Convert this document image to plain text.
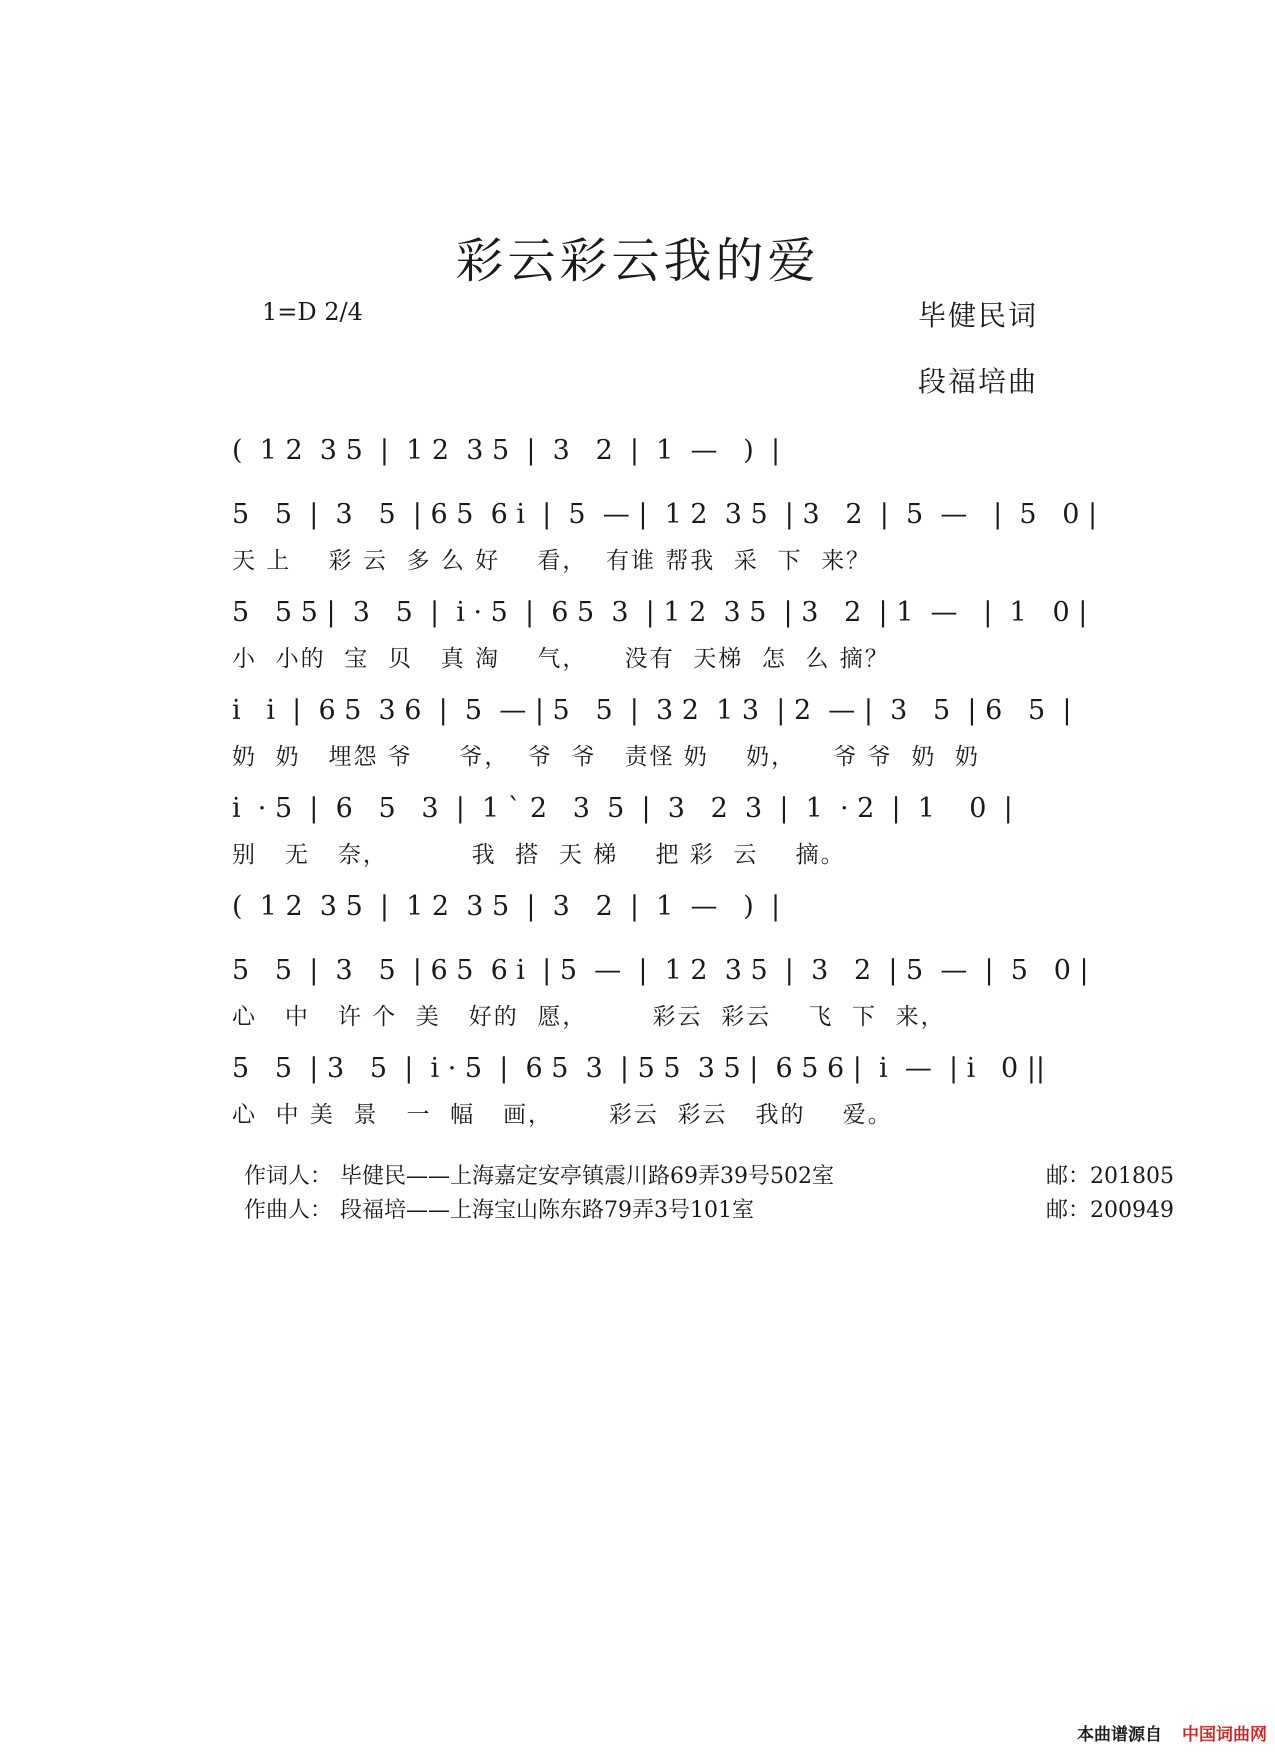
彩云彩云我的爱
1=D 2/4	毕健民词
段福培曲
(  1 2  3 5  |  1 2  3 5  |  3   2  |  1  —   )  |
5   5  |  3   5  | 6 5  6 i  |  5  — |  1 2  3 5  | 3   2  |  5  —   |  5   0 |
天 上    彩 云  多 么 好    看，  有谁 帮我  采  下  来？
5   5 5 |  3   5  |  i · 5  |  6 5  3  | 1 2  3 5  | 3   2  | 1  —   |  1   0 |
小  小的  宝  贝   真 淘    气，    没有  天梯  怎  么 摘？
i   i  |  6 5  3 6  |  5  — | 5   5  |  3 2  1 3  | 2  — |  3   5  | 6   5  |
奶  奶   埋怨 爷     爷，  爷  爷   责怪 奶    奶，    爷 爷  奶  奶
i  · 5  |  6   5   3  |  1 ` 2   3  5  |  3   2  3  |  1  · 2  |  1    0  |
别   无   奈，         我  搭  天 梯    把 彩  云    摘。
(  1 2  3 5  |  1 2  3 5  |  3   2  |  1  —   )  |
5   5  |  3   5  | 6 5  6 i  | 5  —  |  1 2  3 5  |  3   2  | 5  —  |  5   0 |
心   中   许 个  美   好的  愿，       彩云  彩云    飞  下  来，
5   5  | 3   5  |  i · 5  |  6 5  3  | 5 5  3 5 |  6 5 6 |  i  —  | i   0 ||
心  中 美  景   一  幅   画，      彩云  彩云   我的    爱。
作词人： 毕健民——上海嘉定安亭镇震川路69弄39号502室	邮：201805
作曲人： 段福培——上海宝山陈东路79弄3号101室	邮：200949
本曲谱源自 中国词曲网
